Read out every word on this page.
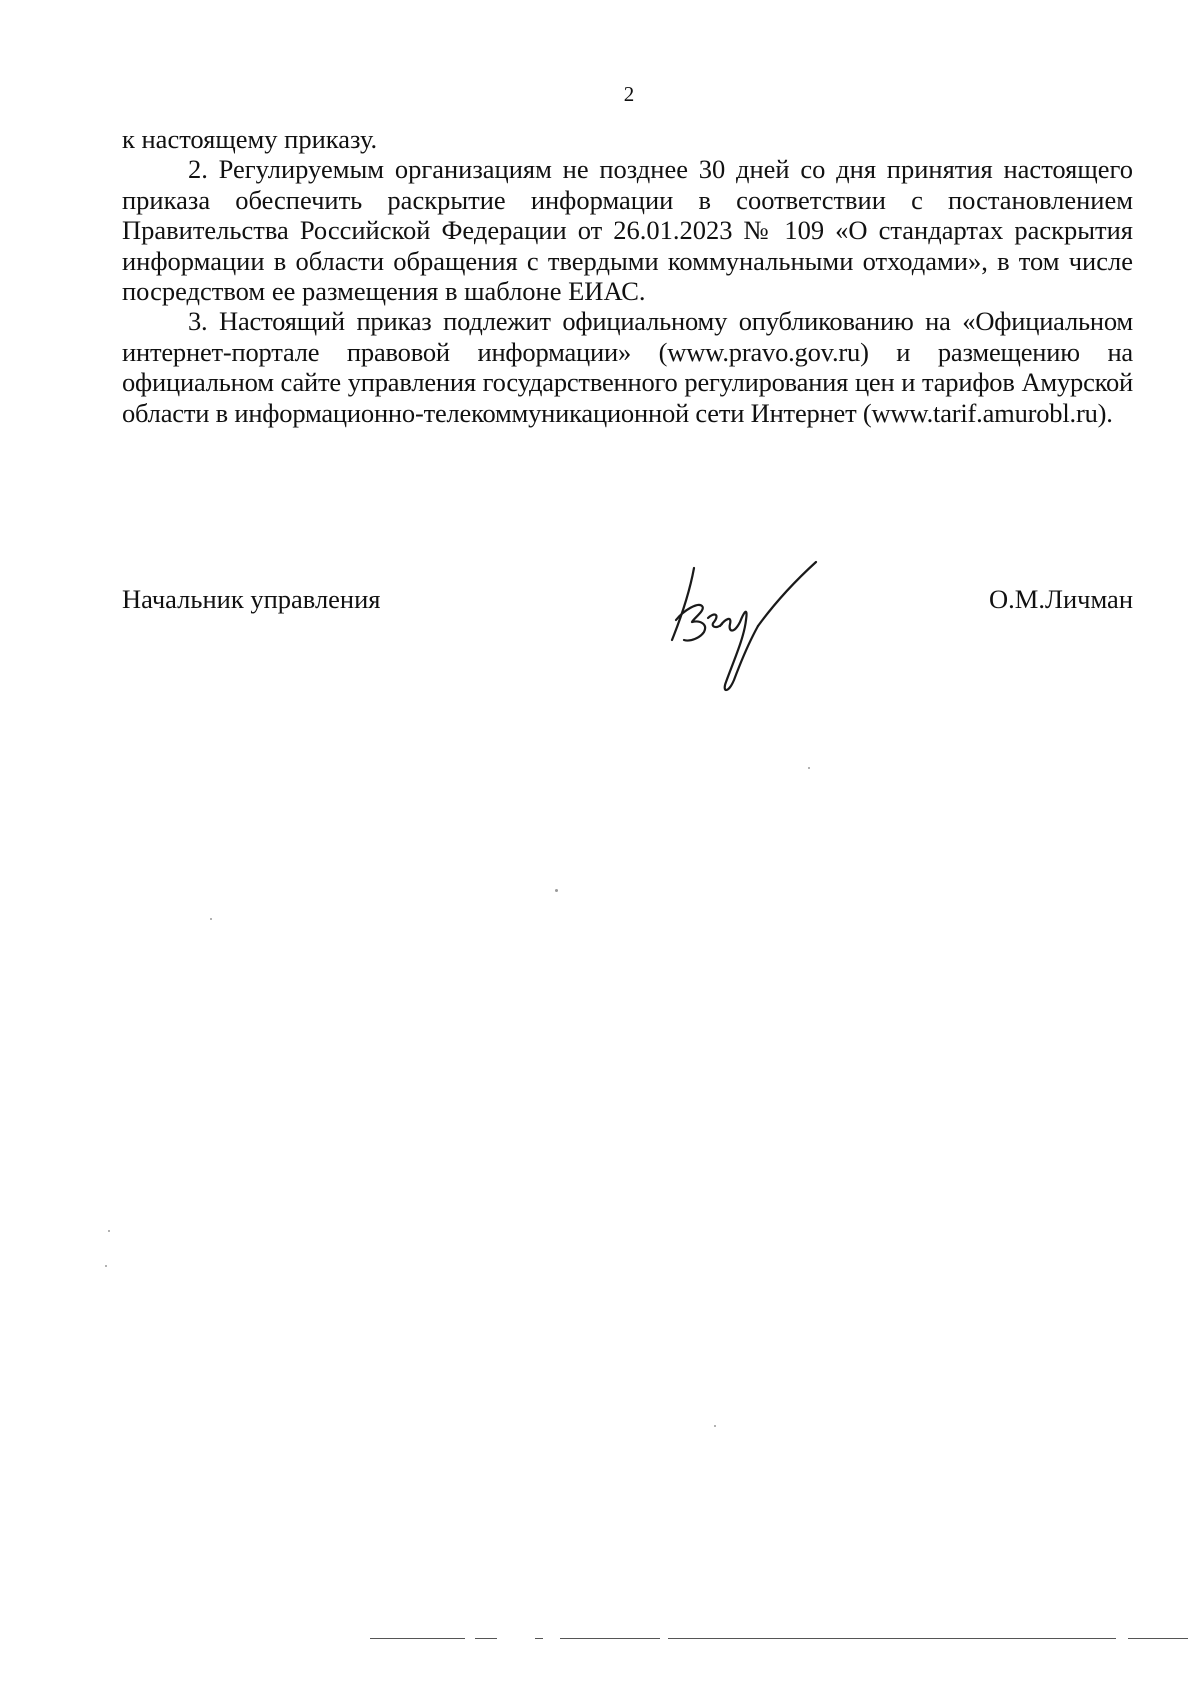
2

к настоящему приказу.

2. Регулируемым организациям не позднее 30 дней со дня принятия настоящего приказа обеспечить раскрытие информации в соответствии с постановлением Правительства Российской Федерации от 26.01.2023 № 109 «О стандартах раскрытия информации в области обращения с твердыми коммунальными отходами», в том числе посредством ее размещения в шаблоне ЕИАС.

3. Настоящий приказ подлежит официальному опубликованию на «Официальном интернет-портале правовой информации» (www.pravo.gov.ru) и размещению на официальном сайте управления государственного регулирования цен и тарифов Амурской области в информационно-телекоммуникационной сети Интернет (www.tarif.amurobl.ru).

Начальник управления	О.М.Личман
